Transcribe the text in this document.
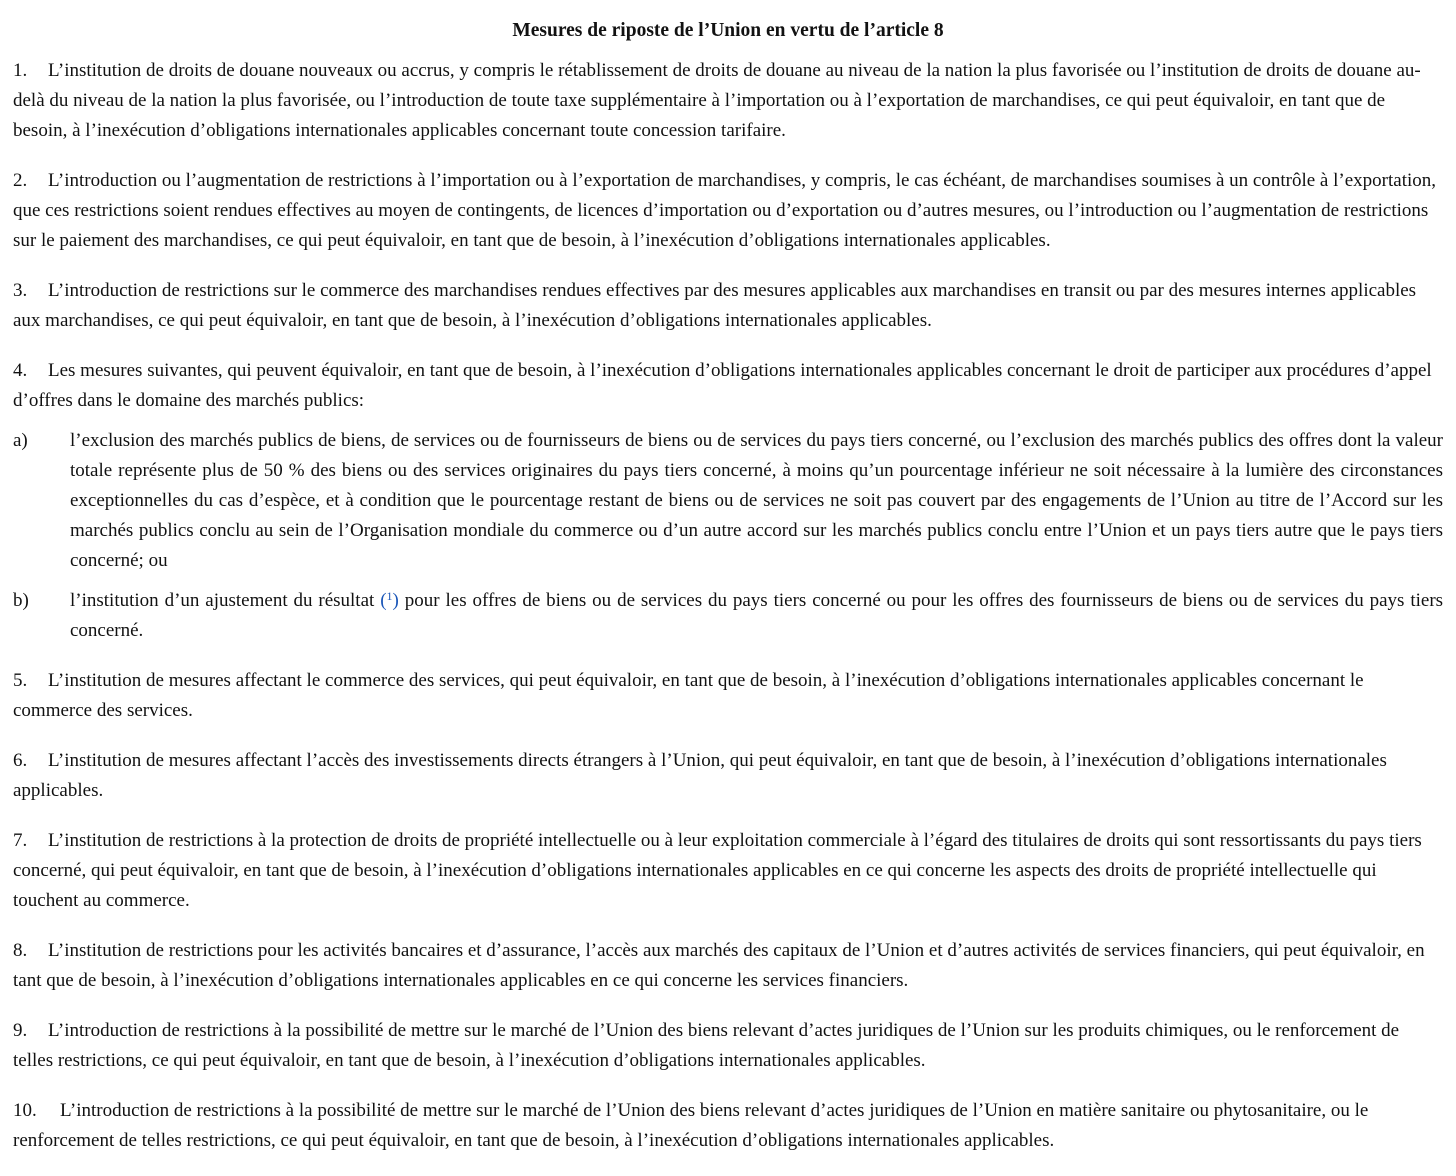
Mesures de riposte de l’Union en vertu de l’article 8
1. L’institution de droits de douane nouveaux ou accrus, y compris le rétablissement de droits de douane au niveau de la nation la plus favorisée ou l’institution de droits de douane au-delà du niveau de la nation la plus favorisée, ou l’introduction de toute taxe supplémentaire à l’importation ou à l’exportation de marchandises, ce qui peut équivaloir, en tant que de besoin, à l’inexécution d’obligations internationales applicables concernant toute concession tarifaire.
2. L’introduction ou l’augmentation de restrictions à l’importation ou à l’exportation de marchandises, y compris, le cas échéant, de marchandises soumises à un contrôle à l’exportation, que ces restrictions soient rendues effectives au moyen de contingents, de licences d’importation ou d’exportation ou d’autres mesures, ou l’introduction ou l’augmentation de restrictions sur le paiement des marchandises, ce qui peut équivaloir, en tant que de besoin, à l’inexécution d’obligations internationales applicables.
3. L’introduction de restrictions sur le commerce des marchandises rendues effectives par des mesures applicables aux marchandises en transit ou par des mesures internes applicables aux marchandises, ce qui peut équivaloir, en tant que de besoin, à l’inexécution d’obligations internationales applicables.
4. Les mesures suivantes, qui peuvent équivaloir, en tant que de besoin, à l’inexécution d’obligations internationales applicables concernant le droit de participer aux procédures d’appel d’offres dans le domaine des marchés publics:
a)	l’exclusion des marchés publics de biens, de services ou de fournisseurs de biens ou de services du pays tiers concerné, ou l’exclusion des marchés publics des offres dont la valeur totale représente plus de 50 % des biens ou des services originaires du pays tiers concerné, à moins qu’un pourcentage inférieur ne soit nécessaire à la lumière des circonstances exceptionnelles du cas d’espèce, et à condition que le pourcentage restant de biens ou de services ne soit pas couvert par des engagements de l’Union au titre de l’Accord sur les marchés publics conclu au sein de l’Organisation mondiale du commerce ou d’un autre accord sur les marchés publics conclu entre l’Union et un pays tiers autre que le pays tiers concerné; ou
b)	l’institution d’un ajustement du résultat ($^1$) pour les offres de biens ou de services du pays tiers concerné ou pour les offres des fournisseurs de biens ou de services du pays tiers concerné.
5. L’institution de mesures affectant le commerce des services, qui peut équivaloir, en tant que de besoin, à l’inexécution d’obligations internationales applicables concernant le commerce des services.
6. L’institution de mesures affectant l’accès des investissements directs étrangers à l’Union, qui peut équivaloir, en tant que de besoin, à l’inexécution d’obligations internationales applicables.
7. L’institution de restrictions à la protection de droits de propriété intellectuelle ou à leur exploitation commerciale à l’égard des titulaires de droits qui sont ressortissants du pays tiers concerné, qui peut équivaloir, en tant que de besoin, à l’inexécution d’obligations internationales applicables en ce qui concerne les aspects des droits de propriété intellectuelle qui touchent au commerce.
8. L’institution de restrictions pour les activités bancaires et d’assurance, l’accès aux marchés des capitaux de l’Union et d’autres activités de services financiers, qui peut équivaloir, en tant que de besoin, à l’inexécution d’obligations internationales applicables en ce qui concerne les services financiers.
9. L’introduction de restrictions à la possibilité de mettre sur le marché de l’Union des biens relevant d’actes juridiques de l’Union sur les produits chimiques, ou le renforcement de telles restrictions, ce qui peut équivaloir, en tant que de besoin, à l’inexécution d’obligations internationales applicables.
10. L’introduction de restrictions à la possibilité de mettre sur le marché de l’Union des biens relevant d’actes juridiques de l’Union en matière sanitaire ou phytosanitaire, ou le renforcement de telles restrictions, ce qui peut équivaloir, en tant que de besoin, à l’inexécution d’obligations internationales applicables.
